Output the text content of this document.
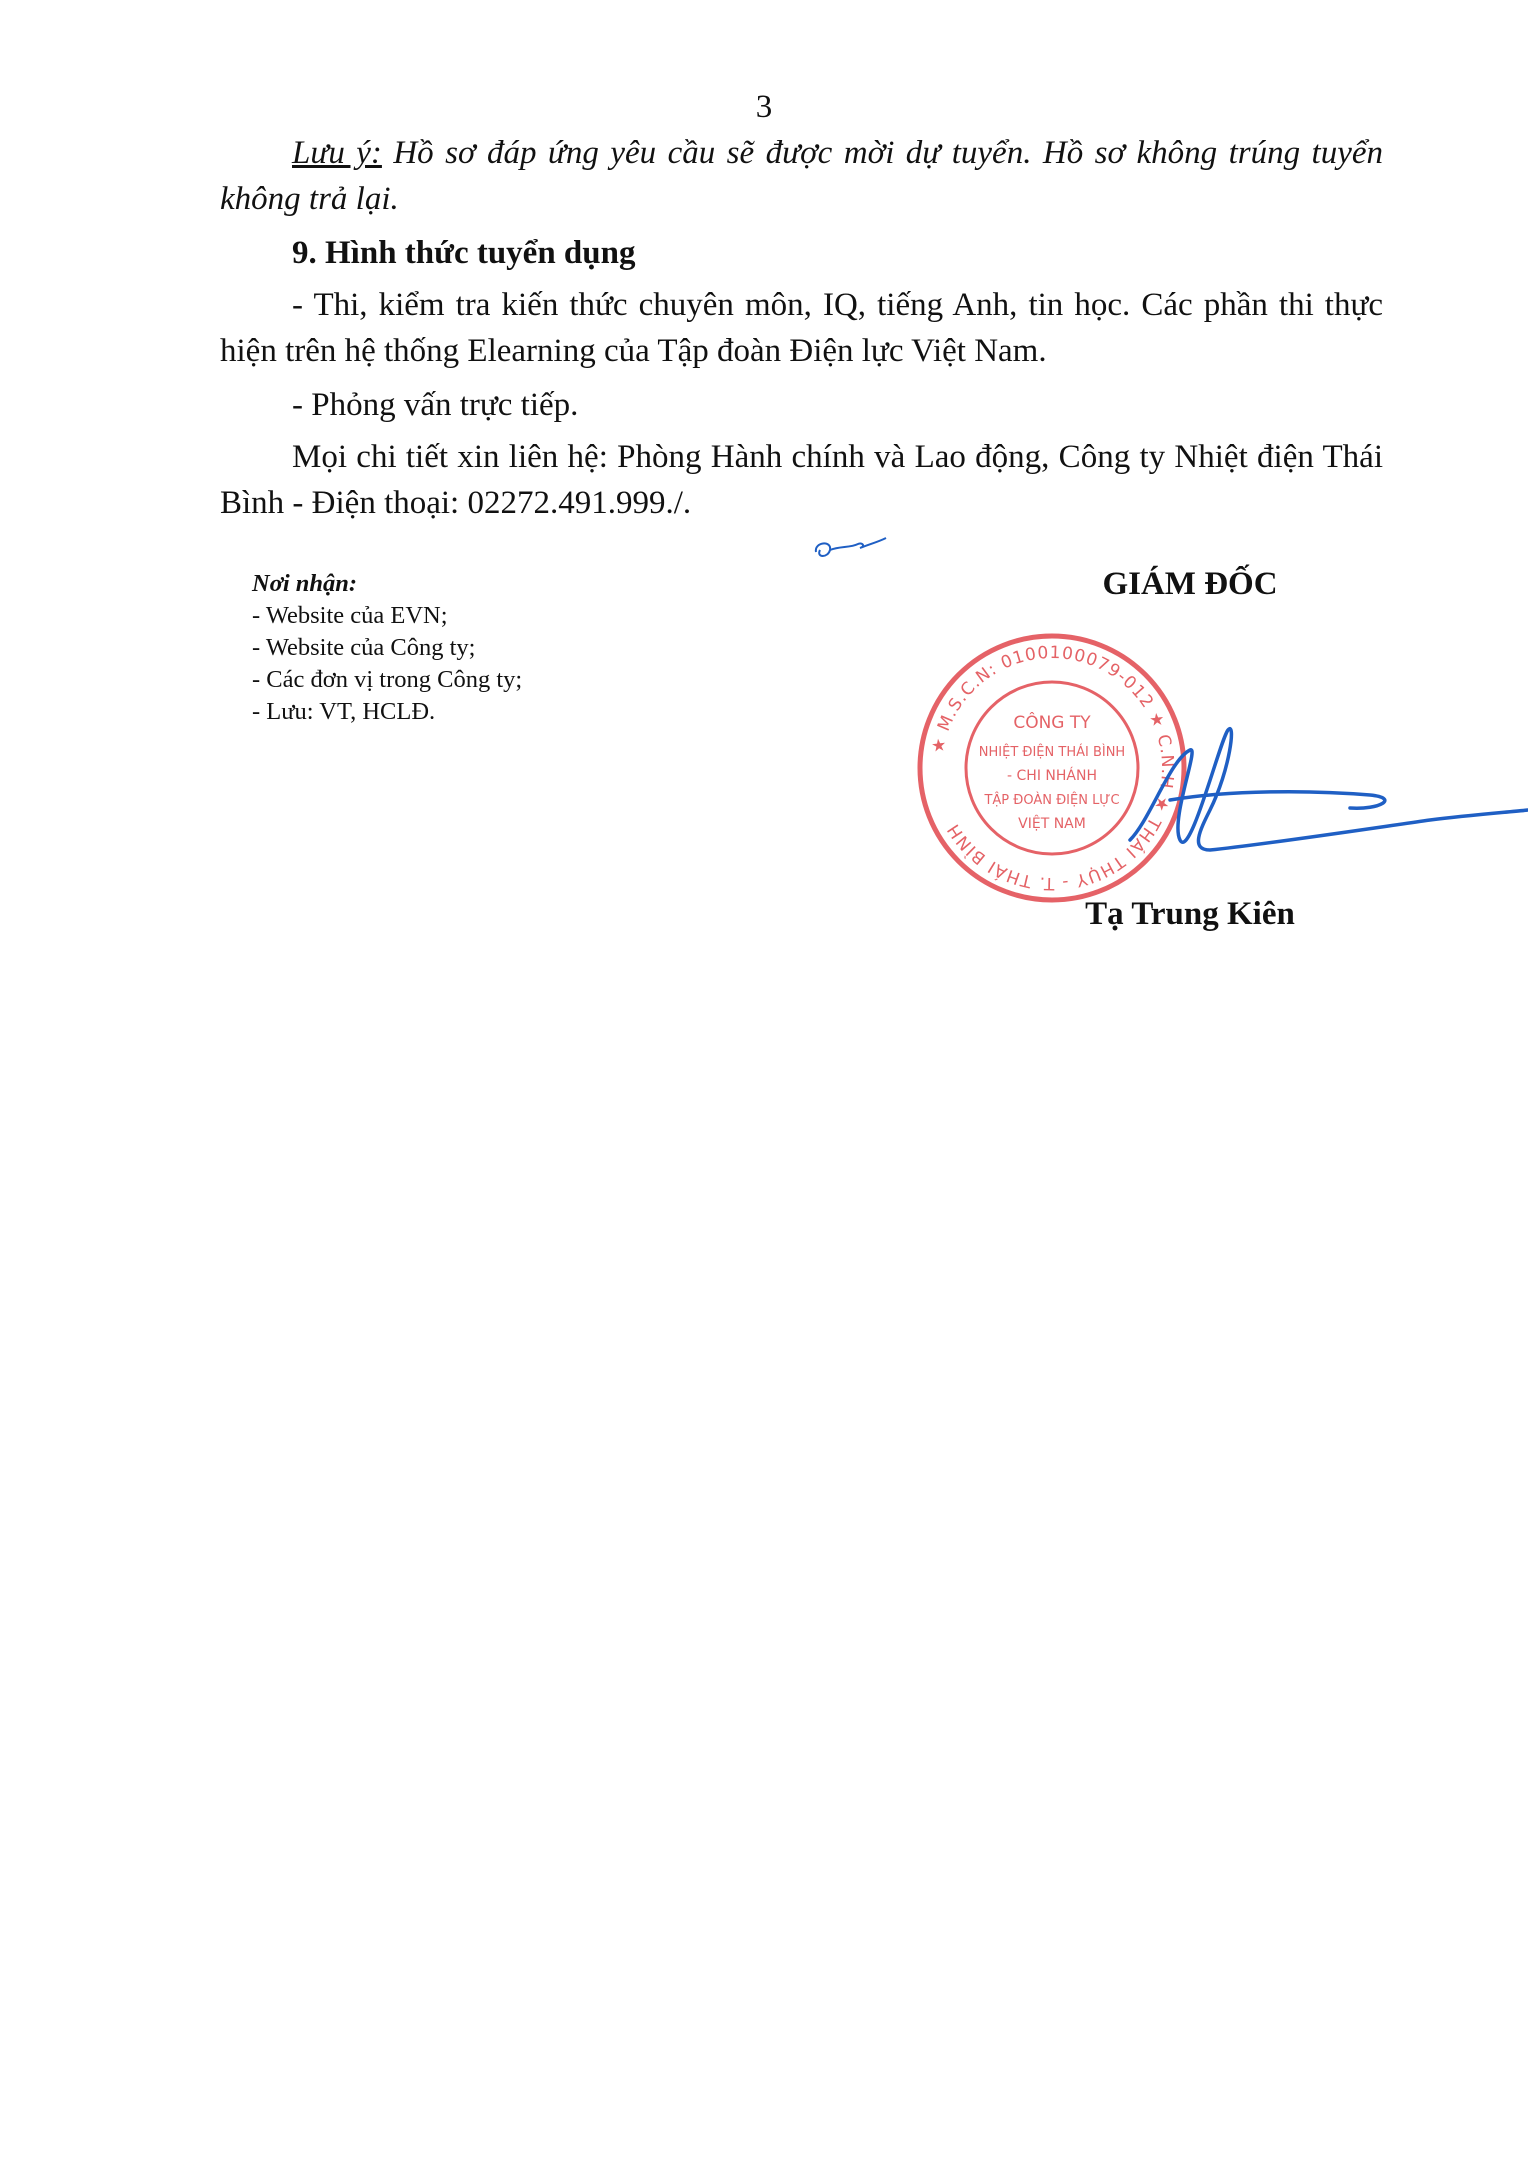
3

Lưu ý: Hồ sơ đáp ứng yêu cầu sẽ được mời dự tuyển. Hồ sơ không trúng tuyển không trả lại.

9. Hình thức tuyển dụng

- Thi, kiểm tra kiến thức chuyên môn, IQ, tiếng Anh, tin học. Các phần thi thực hiện trên hệ thống Elearning của Tập đoàn Điện lực Việt Nam.

- Phỏng vấn trực tiếp.

Mọi chi tiết xin liên hệ: Phòng Hành chính và Lao động, Công ty Nhiệt điện Thái Bình - Điện thoại: 02272.491.999./.

Nơi nhận:
- Website của EVN;
- Website của Công ty;
- Các đơn vị trong Công ty;
- Lưu: VT, HCLĐ.
GIÁM ĐỐC
CÔNG TY
NHIỆT ĐIỆN THÁI BÌNH
- CHI NHÁNH
TẬP ĐOÀN ĐIỆN LỰC
VIỆT NAM
★ M.S.C.N: 0100100079-012 ★ C.N.H ★ THÁI THỤY - T. THÁI BÌNH
Tạ Trung Kiên
